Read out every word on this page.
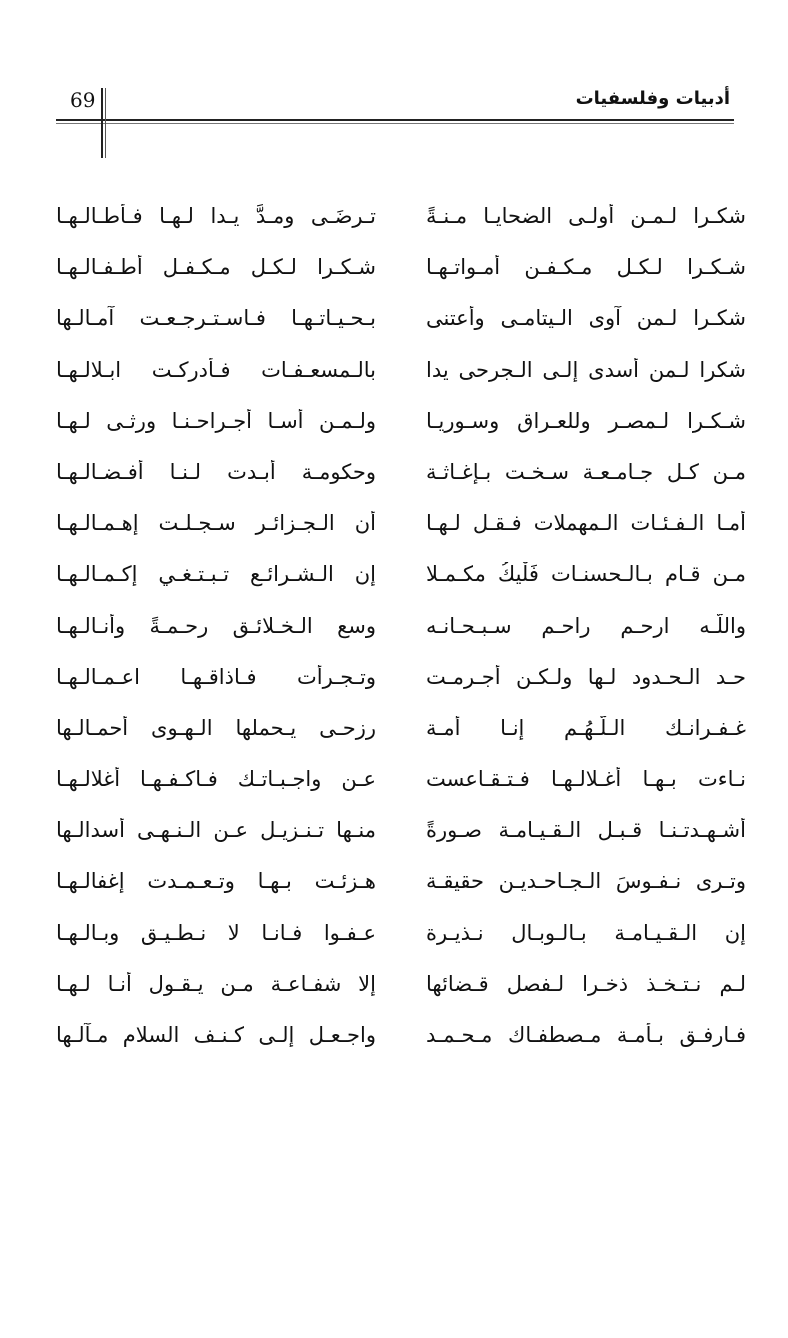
69	أدبيات وفلسفيات
شكـرا لـمـن أولـى الضحايـا مـنـةً
تـرضَـى ومـدَّ يـدا لـهـا فـأطـالـهـا
شـكـرا لـكـل مـكـفـن أمـواتـهـا
شـكـرا لـكـل مـكـفـل أطـفـالـهـا
شكـرا لـمن آوى الـيتامـى وأعتنى
بـحـيـاتـهـا فـاسـتـرجـعـت آمـالـها
شكرا لـمن أسدى إلـى الـجرحى يدا
بالـمسعـفـات فـأدركـت ابـلالـهـا
شـكـرا لـمصـر وللعـراق وسـوريـا
ولـمـن أسـا أجـراحـنـا ورثـى لـهـا
مـن كـل جـامـعـة سـخـت بـإغـاثـة
وحكومـة أبـدت لـنـا أفـضـالـهـا
أمـا الـفـئـات الـمهملات فـقـل لـهـا
أن الـجـزائـر سـجـلـت إهـمـالـهـا
مـن قـام بـالـحسنـات فَلْيكُ مكـمـلا
إن الـشـرائـع تـبـتـغـي إكـمـالـهـا
واللّـه ارحـم راحـم سـبـحـانـه
وسع الـخـلائـق رحـمـةً وأنـالـهـا
حـد الـحـدود لـها ولـكـن أجـرمـت
وتـجـرأت فـاذاقـهـا اعـمـالـهـا
غـفـرانـك الـلَّـهُـم إنـا أمـة
رزحـى يـحملها الـهـوى أحمـالـها
نـاءت بـهـا أغـلالـهـا فـتـقـاعست
عـن واجـبـاتـك فـاكـفـهـا أغلالـهـا
أشـهـدتـنـا قـبـل الـقـيـامـة صـورةً
منـها تـنـزيـل عـن الـنـهـى أسدالـها
وتـرى نـفـوسَ الـجـاحـديـن حقيقـة
هـزئـت بـهـا وتـعـمـدت إغفالـهـا
إن الـقـيـامـة بـالـوبـال نـذيـرة
عـفـوا فـانـا لا نـطـيـق وبـالـهـا
لـم نـتـخـذ ذخـرا لـفصل قـضائها
إلا شفـاعـة مـن يـقـول أنـا لـهـا
فـارفـق بـأمـة مـصطفـاك مـحـمـد
واجـعـل إلـى كـنـف السلام مـآلـها
